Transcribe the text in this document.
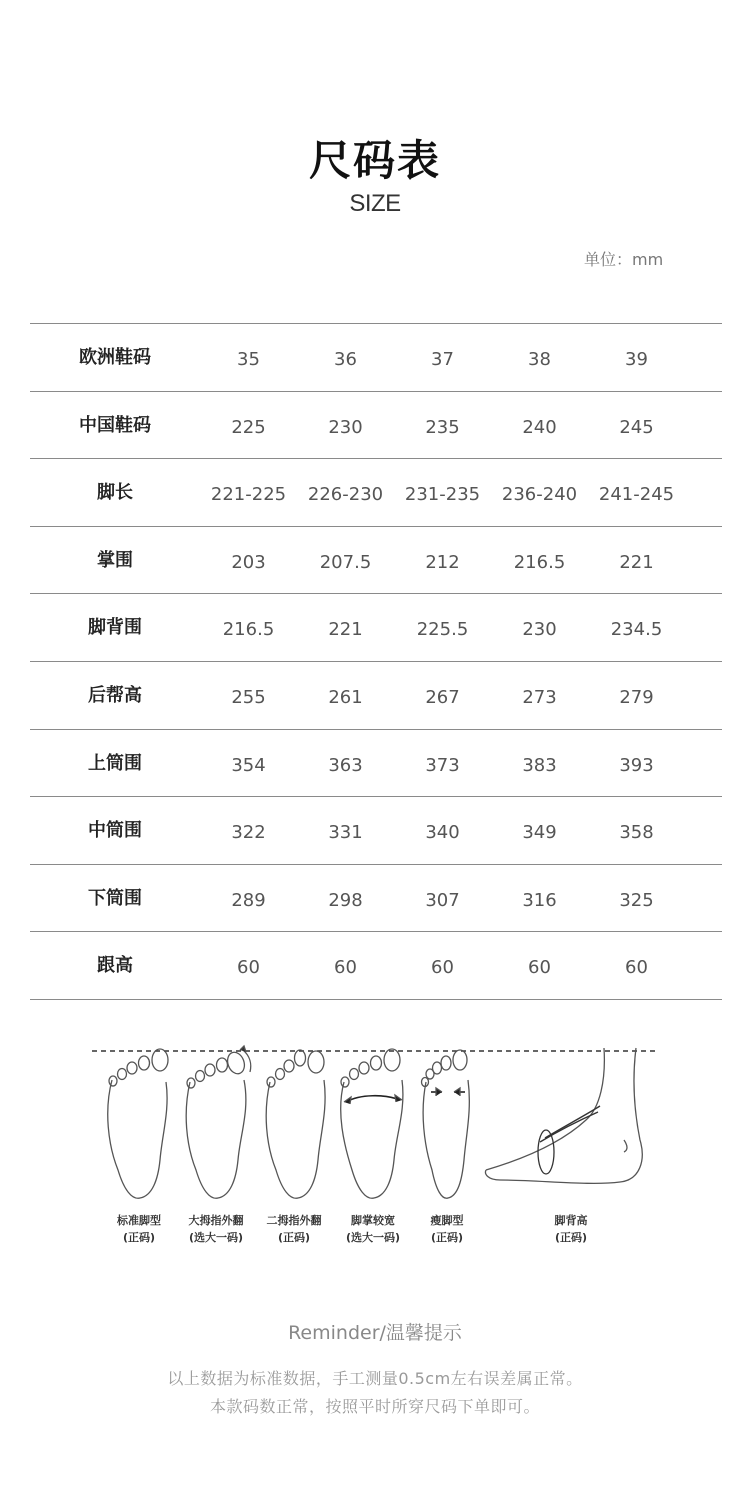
尺码表
SIZE
单位：mm
欧洲鞋码	35	36	37	38	39
中国鞋码	225	230	235	240	245
脚长	221-225	226-230	231-235	236-240	241-245
掌围	203	207.5	212	216.5	221
脚背围	216.5	221	225.5	230	234.5
后帮高	255	261	267	273	279
上筒围	354	363	373	383	393
中筒围	322	331	340	349	358
下筒围	289	298	307	316	325
跟高	60	60	60	60	60
标准脚型
(正码)
大拇指外翻
(选大一码)
二拇指外翻
(正码)
脚掌较宽
(选大一码)
瘦脚型
(正码)
脚背高
(正码)
Reminder/温馨提示
以上数据为标准数据，手工测量0.5cm左右误差属正常。
本款码数正常，按照平时所穿尺码下单即可。
